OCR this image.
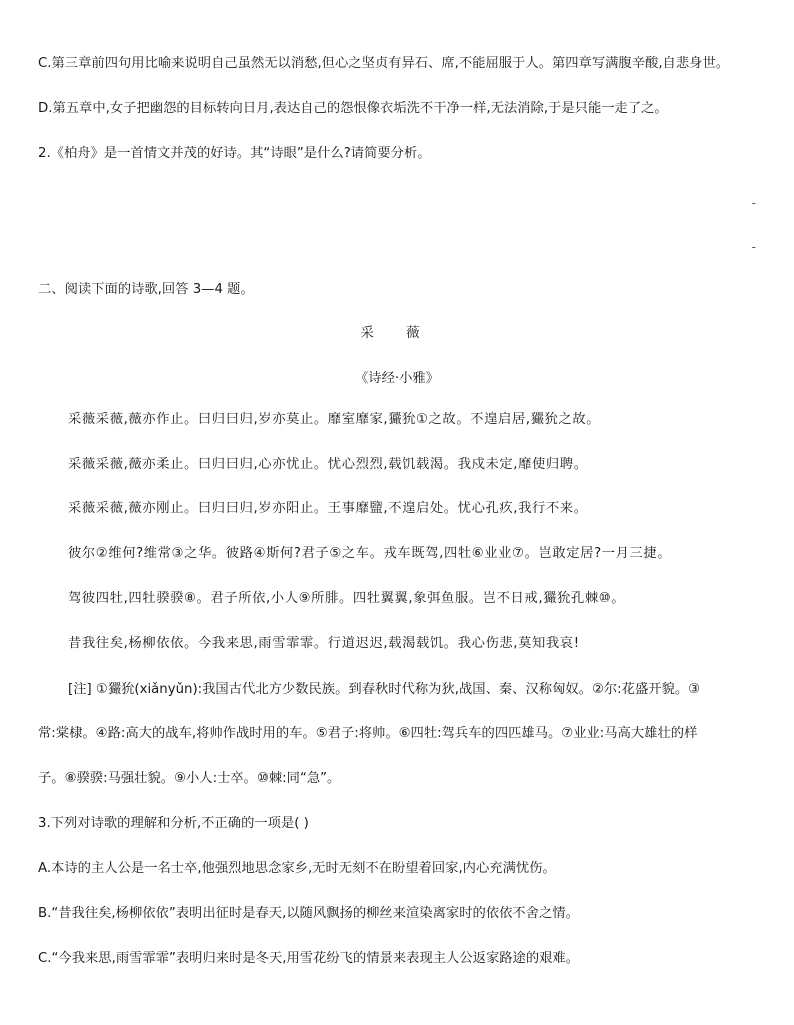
C.第三章前四句用比喻来说明自己虽然无以消愁,但心之坚贞有异石、席,不能屈服于人。第四章写满腹辛酸,自悲身世。
D.第五章中,女子把幽怨的目标转向日月,表达自己的怨恨像衣垢洗不干净一样,无法消除,于是只能一走了之。
2.《柏舟》是一首情文并茂的好诗。其“诗眼”是什么?请简要分析。
-
-
二、阅读下面的诗歌,回答 3—4 题。
采 薇
《诗经·小雅》
采薇采薇,薇亦作止。曰归曰归,岁亦莫止。靡室靡家,玁狁①之故。不遑启居,玁狁之故。
采薇采薇,薇亦柔止。曰归曰归,心亦忧止。忧心烈烈,载饥载渴。我戍未定,靡使归聘。
采薇采薇,薇亦刚止。曰归曰归,岁亦阳止。王事靡盬,不遑启处。忧心孔疚,我行不来。
彼尔②维何?维常③之华。彼路④斯何?君子⑤之车。戎车既驾,四牡⑥业业⑦。岂敢定居?一月三捷。
驾彼四牡,四牡骙骙⑧。君子所依,小人⑨所腓。四牡翼翼,象弭鱼服。岂不日戒,玁狁孔棘⑩。
昔我往矣,杨柳依依。今我来思,雨雪霏霏。行道迟迟,载渴载饥。我心伤悲,莫知我哀!
[注] ①玁狁(xiǎnyǔn):我国古代北方少数民族。到春秋时代称为狄,战国、秦、汉称匈奴。②尔:花盛开貌。③
常:棠棣。④路:高大的战车,将帅作战时用的车。⑤君子:将帅。⑥四牡:驾兵车的四匹雄马。⑦业业:马高大雄壮的样
子。⑧骙骙:马强壮貌。⑨小人:士卒。⑩棘:同“急”。
3.下列对诗歌的理解和分析,不正确的一项是( )
A.本诗的主人公是一名士卒,他强烈地思念家乡,无时无刻不在盼望着回家,内心充满忧伤。
B.“昔我往矣,杨柳依依”表明出征时是春天,以随风飘扬的柳丝来渲染离家时的依依不舍之情。
C.“今我来思,雨雪霏霏”表明归来时是冬天,用雪花纷飞的情景来表现主人公返家路途的艰难。
